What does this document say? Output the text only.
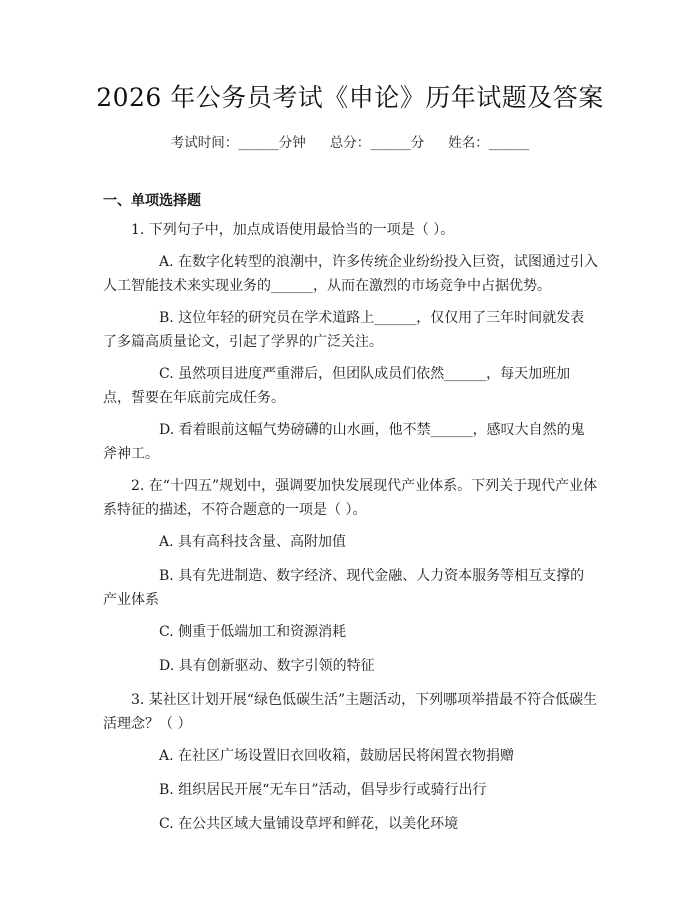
2026 年公务员考试《申论》历年试题及答案
考试时间：______分钟 总分：______分 姓名：______
一、单项选择题

1. 下列句子中，加点成语使用最恰当的一项是（ ）。

A. 在数字化转型的浪潮中，许多传统企业纷纷投入巨资，试图通过引入人工智能技术来实现业务的______，从而在激烈的市场竞争中占据优势。

B. 这位年轻的研究员在学术道路上______，仅仅用了三年时间就发表了多篇高质量论文，引起了学界的广泛关注。

C. 虽然项目进度严重滞后，但团队成员们依然______，每天加班加点，誓要在年底前完成任务。

D. 看着眼前这幅气势磅礴的山水画，他不禁______，感叹大自然的鬼斧神工。

2. 在“十四五”规划中，强调要加快发展现代产业体系。下列关于现代产业体系特征的描述，不符合题意的一项是（ ）。

A. 具有高科技含量、高附加值

B. 具有先进制造、数字经济、现代金融、人力资本服务等相互支撑的产业体系

C. 侧重于低端加工和资源消耗

D. 具有创新驱动、数字引领的特征

3. 某社区计划开展“绿色低碳生活”主题活动，下列哪项举措最不符合低碳生活理念？（ ）

A. 在社区广场设置旧衣回收箱，鼓励居民将闲置衣物捐赠

B. 组织居民开展“无车日”活动，倡导步行或骑行出行

C. 在公共区域大量铺设草坪和鲜花，以美化环境
